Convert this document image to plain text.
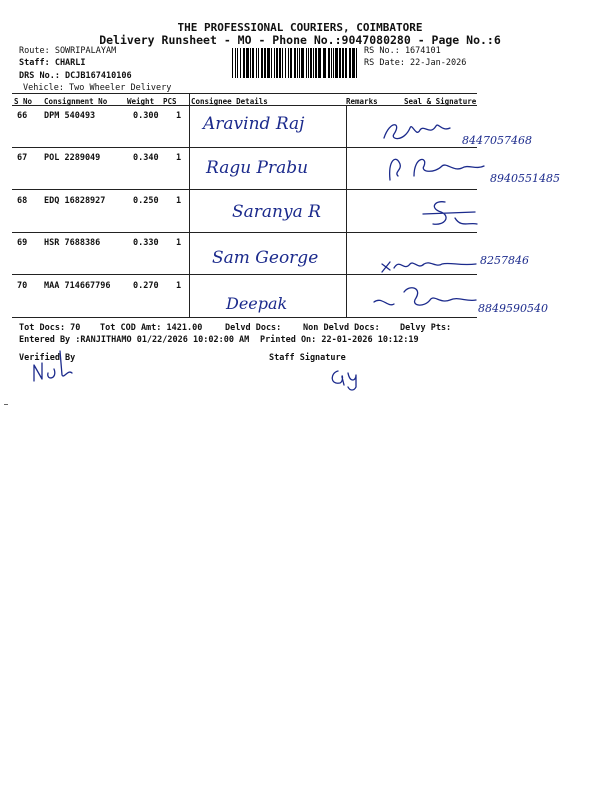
THE PROFESSIONAL COURIERS, COIMBATORE
Delivery Runsheet - MO - Phone No.:9047080280 - Page No.:6
Route: SOWRIPALAYAM
Staff: CHARLI
DRS No.: DCJB167410106
Vehicle: Two Wheeler Delivery
RS No.: 1674101
RS Date: 22-Jan-2026
S No Consignment No	Weight PCS Consignee Details	Remarks	Seal & Signature
66 DPM 540493	0.300 1 Aravind Raj
8447057468
67 POL 2289049	0.340 1 Ragu Prabu
8940551485
68 EDQ 16828927	0.250 1
Saranya R
69 HSR 7688386	0.330 1
Sam George	8257846
70 MAA 714667796	0.270 1
Deepak	8849590540
Tot Docs: 70 Tot COD Amt: 1421.00	Delvd Docs:	Non Delvd Docs: Delvy Pts:
Entered By :RANJITHAMO 01/22/2026 10:02:00 AM Printed On: 22-01-2026 10:12:19
Verified By	Staff Signature
